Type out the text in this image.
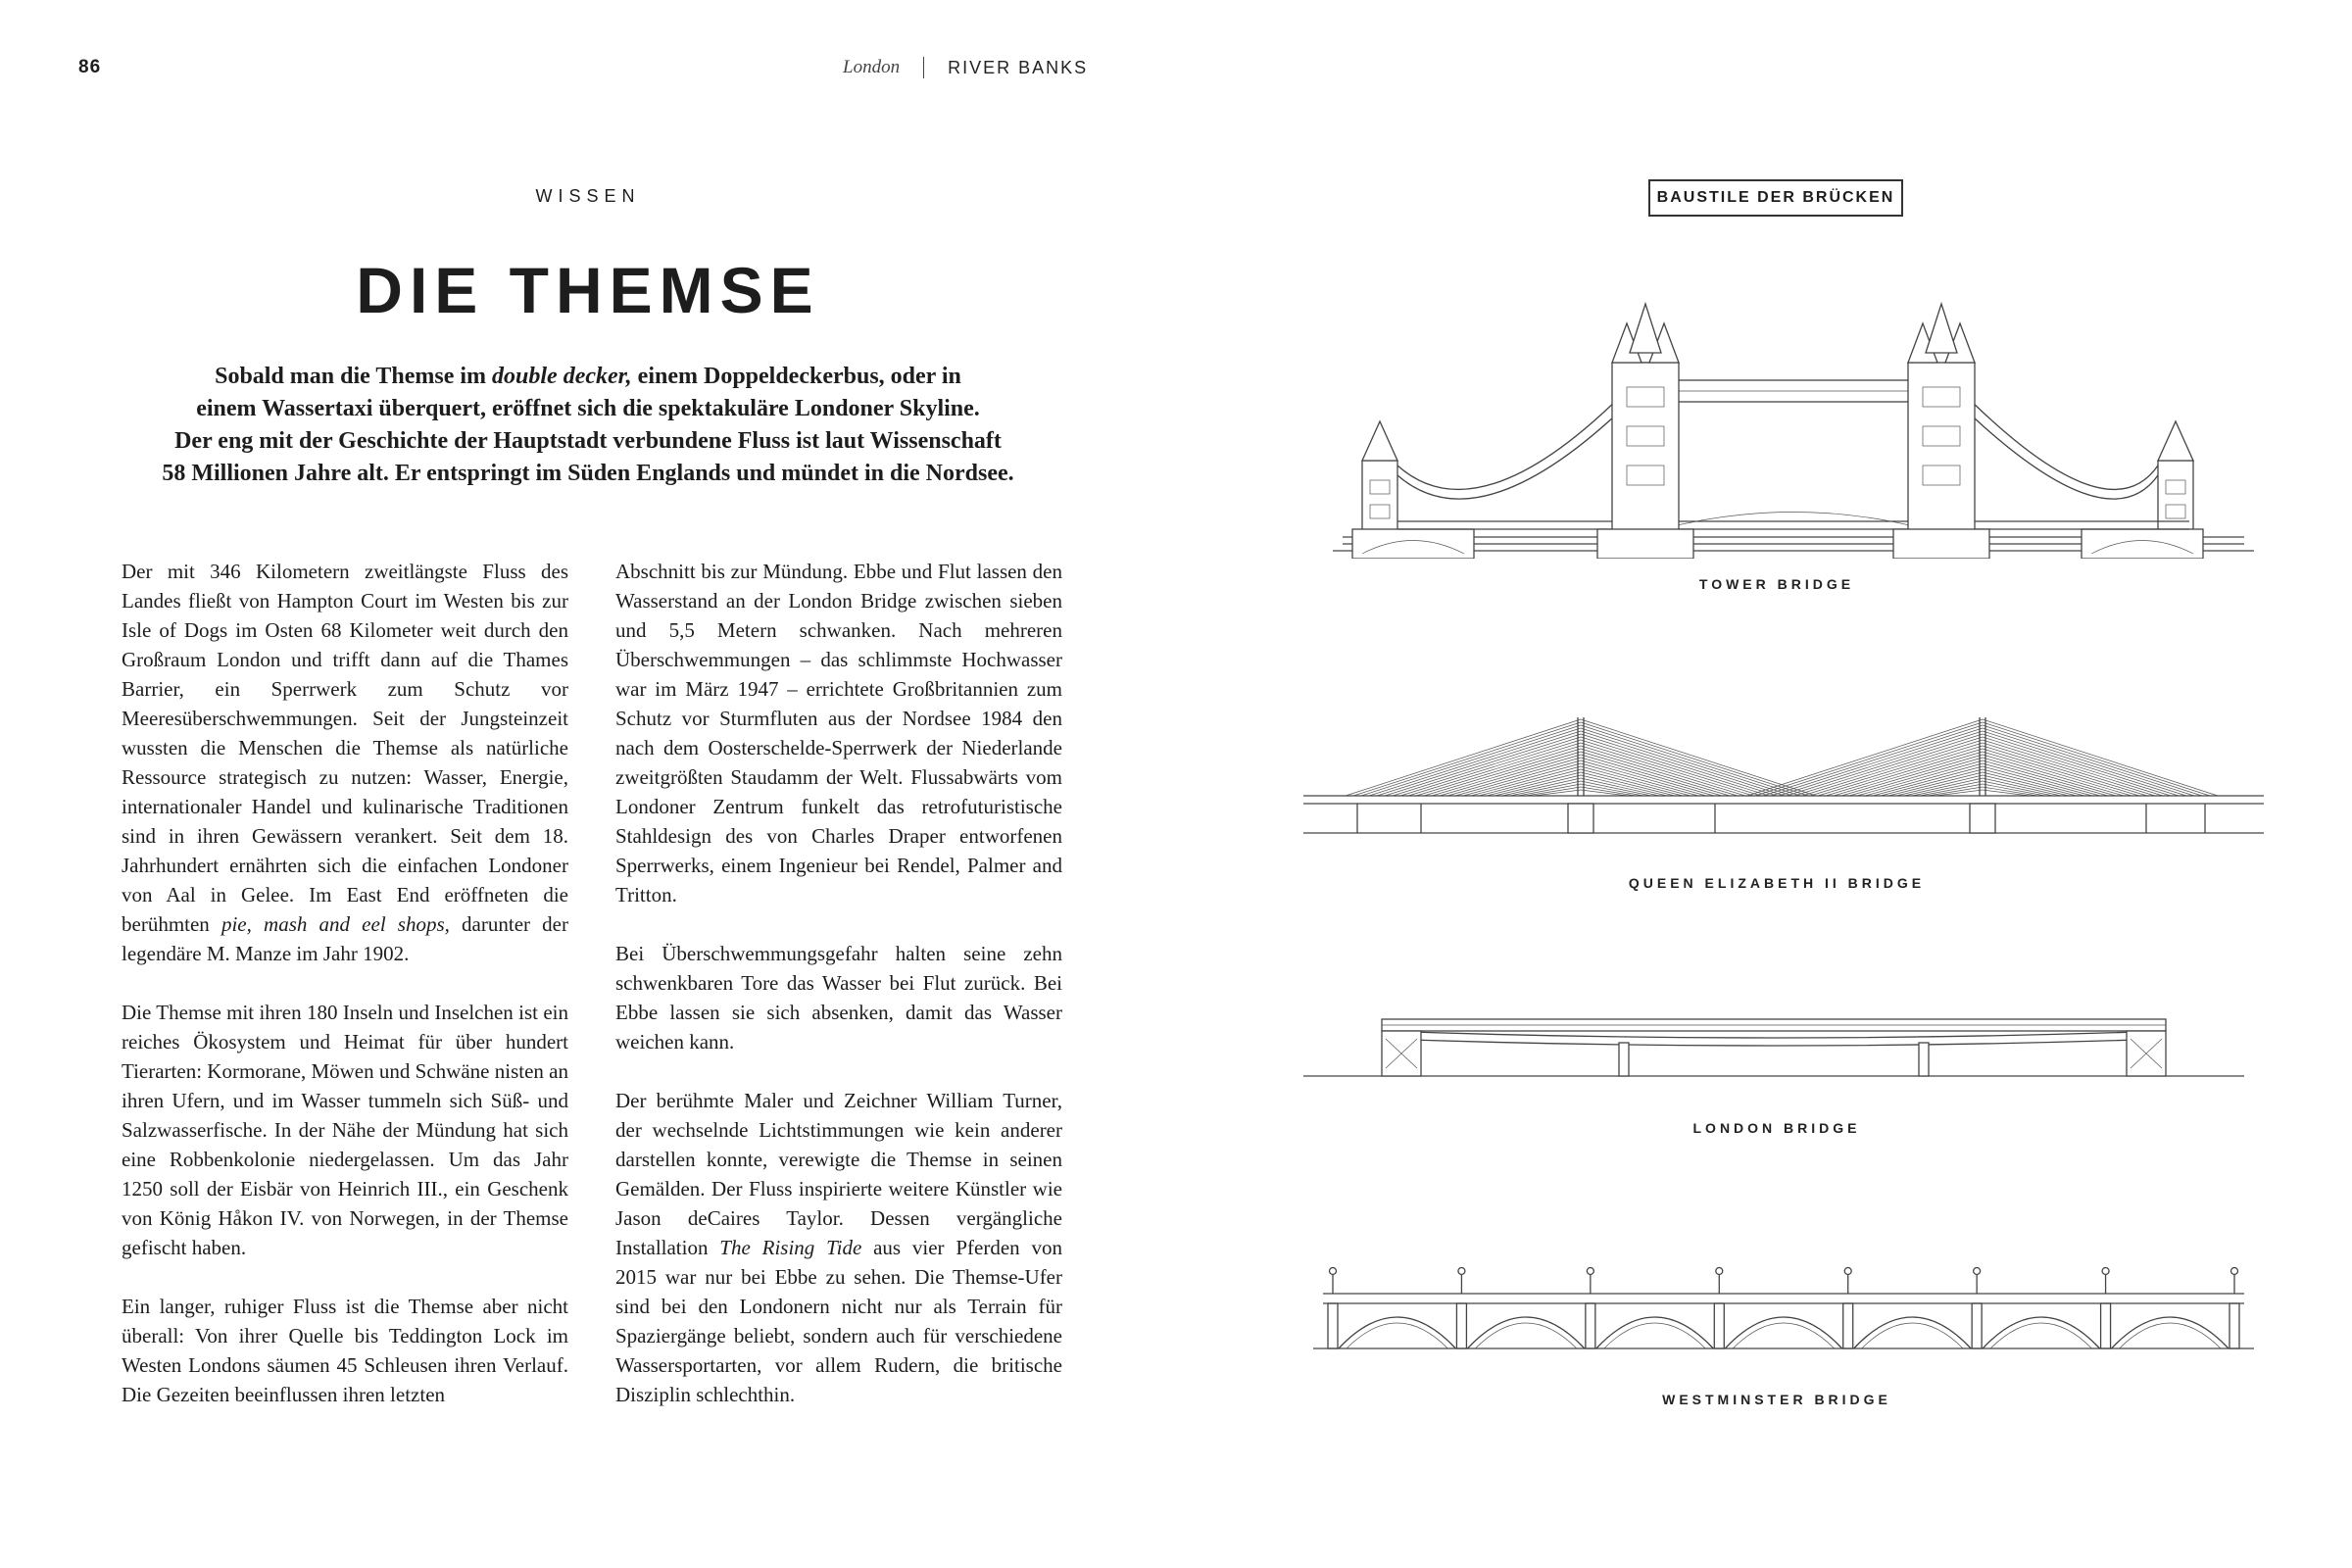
86	London	RIVER BANKS
WISSEN
DIE THEMSE
Sobald man die Themse im double decker, einem Doppeldeckerbus, oder in
einem Wassertaxi überquert, eröffnet sich die spektakuläre Londoner Skyline.
Der eng mit der Geschichte der Hauptstadt verbundene Fluss ist laut Wissenschaft
58 Millionen Jahre alt. Er entspringt im Süden Englands und mündet in die Nordsee.

Der mit 346 Kilometern zweitlängste Fluss des Landes fließt von Hampton Court im Westen bis zur Isle of Dogs im Osten 68 Kilometer weit durch den Großraum London und trifft dann auf die Thames Barrier, ein Sperrwerk zum Schutz vor Meeresüberschwemmungen. Seit der Jungsteinzeit wussten die Menschen die Themse als natürliche Ressource strategisch zu nutzen: Wasser, Energie, internationaler Handel und kulinarische Traditionen sind in ihren Gewässern verankert. Seit dem 18. Jahrhundert ernährten sich die einfachen Londoner von Aal in Gelee. Im East End eröffneten die berühmten pie, mash and eel shops, darunter der legendäre M. Manze im Jahr 1902.

Die Themse mit ihren 180 Inseln und Inselchen ist ein reiches Ökosystem und Heimat für über hundert Tierarten: Kormorane, Möwen und Schwäne nisten an ihren Ufern, und im Wasser tummeln sich Süß- und Salzwasserfische. In der Nähe der Mündung hat sich eine Robbenkolonie niedergelassen. Um das Jahr 1250 soll der Eisbär von Heinrich III., ein Geschenk von König Håkon IV. von Norwegen, in der Themse gefischt haben.

Ein langer, ruhiger Fluss ist die Themse aber nicht überall: Von ihrer Quelle bis Teddington Lock im Westen Londons säumen 45 Schleusen ihren Verlauf. Die Gezeiten beeinflussen ihren letzten

Abschnitt bis zur Mündung. Ebbe und Flut lassen den Wasserstand an der London Bridge zwischen sieben und 5,5 Metern schwanken. Nach mehreren Überschwemmungen – das schlimmste Hochwasser war im März 1947 – errichtete Großbritannien zum Schutz vor Sturmfluten aus der Nordsee 1984 den nach dem Oosterschelde-Sperrwerk der Niederlande zweitgrößten Staudamm der Welt. Flussabwärts vom Londoner Zentrum funkelt das retrofuturistische Stahldesign des von Charles Draper entworfenen Sperrwerks, einem Ingenieur bei Rendel, Palmer and Tritton.

Bei Überschwemmungsgefahr halten seine zehn schwenkbaren Tore das Wasser bei Flut zurück. Bei Ebbe lassen sie sich absenken, damit das Wasser weichen kann.

Der berühmte Maler und Zeichner William Turner, der wechselnde Lichtstimmungen wie kein anderer darstellen konnte, verewigte die Themse in seinen Gemälden. Der Fluss inspirierte weitere Künstler wie Jason deCaires Taylor. Dessen vergängliche Installation The Rising Tide aus vier Pferden von 2015 war nur bei Ebbe zu sehen. Die Themse-Ufer sind bei den Londonern nicht nur als Terrain für Spaziergänge beliebt, sondern auch für verschiedene Wassersportarten, vor allem Rudern, die britische Disziplin schlechthin.

BAUSTILE DER BRÜCKEN
TOWER BRIDGE
QUEEN ELIZABETH II BRIDGE
LONDON BRIDGE
WESTMINSTER BRIDGE
